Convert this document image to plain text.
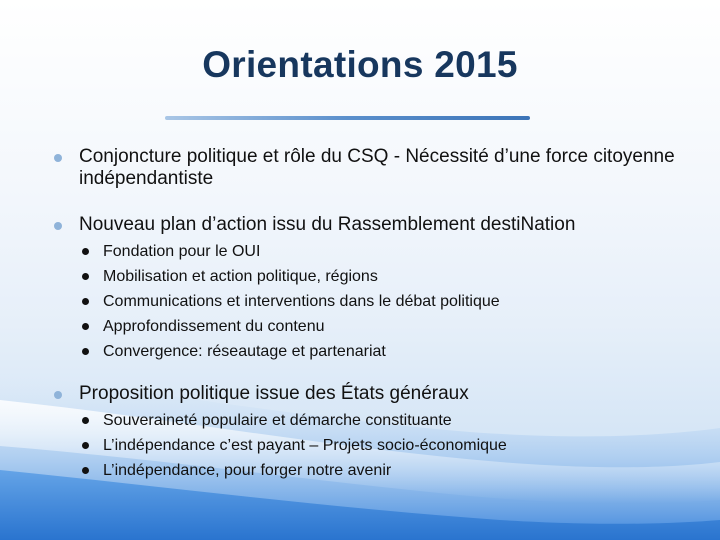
Orientations 2015
Conjoncture politique et rôle du CSQ - Nécessité d’une force citoyenne indépendantiste
Nouveau plan d’action issu du Rassemblement destiNation
Fondation pour le OUI
Mobilisation et action politique, régions
Communications et interventions dans le débat politique
Approfondissement du contenu
Convergence: réseautage et partenariat
Proposition politique issue des États généraux
Souveraineté populaire et démarche constituante
L’indépendance c’est payant – Projets socio-économique
L’indépendance, pour forger notre avenir
